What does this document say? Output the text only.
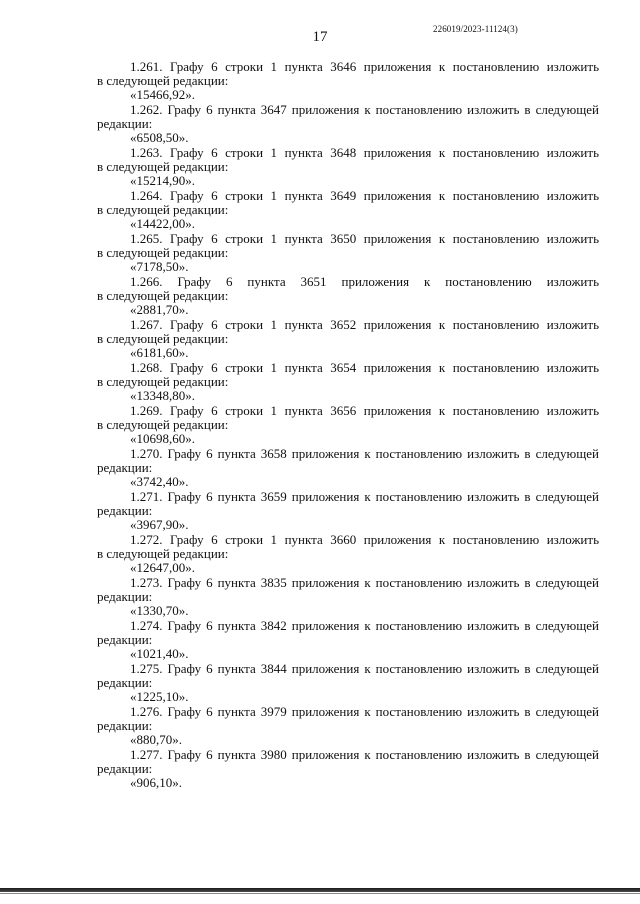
17	226019/2023-11124(3)
1.261. Графу 6 строки 1 пункта 3646 приложения к постановлению изложить
в следующей редакции:
«15466,92».
1.262. Графу 6 пункта 3647 приложения к постановлению изложить в следующей
редакции:
«6508,50».
1.263. Графу 6 строки 1 пункта 3648 приложения к постановлению изложить
в следующей редакции:
«15214,90».
1.264. Графу 6 строки 1 пункта 3649 приложения к постановлению изложить
в следующей редакции:
«14422,00».
1.265. Графу 6 строки 1 пункта 3650 приложения к постановлению изложить
в следующей редакции:
«7178,50».
1.266. Графу 6 пункта 3651 приложения к постановлению изложить
в следующей редакции:
«2881,70».
1.267. Графу 6 строки 1 пункта 3652 приложения к постановлению изложить
в следующей редакции:
«6181,60».
1.268. Графу 6 строки 1 пункта 3654 приложения к постановлению изложить
в следующей редакции:
«13348,80».
1.269. Графу 6 строки 1 пункта 3656 приложения к постановлению изложить
в следующей редакции:
«10698,60».
1.270. Графу 6 пункта 3658 приложения к постановлению изложить в следующей
редакции:
«3742,40».
1.271. Графу 6 пункта 3659 приложения к постановлению изложить в следующей
редакции:
«3967,90».
1.272. Графу 6 строки 1 пункта 3660 приложения к постановлению изложить
в следующей редакции:
«12647,00».
1.273. Графу 6 пункта 3835 приложения к постановлению изложить в следующей
редакции:
«1330,70».
1.274. Графу 6 пункта 3842 приложения к постановлению изложить в следующей
редакции:
«1021,40».
1.275. Графу 6 пункта 3844 приложения к постановлению изложить в следующей
редакции:
«1225,10».
1.276. Графу 6 пункта 3979 приложения к постановлению изложить в следующей
редакции:
«880,70».
1.277. Графу 6 пункта 3980 приложения к постановлению изложить в следующей
редакции:
«906,10».
